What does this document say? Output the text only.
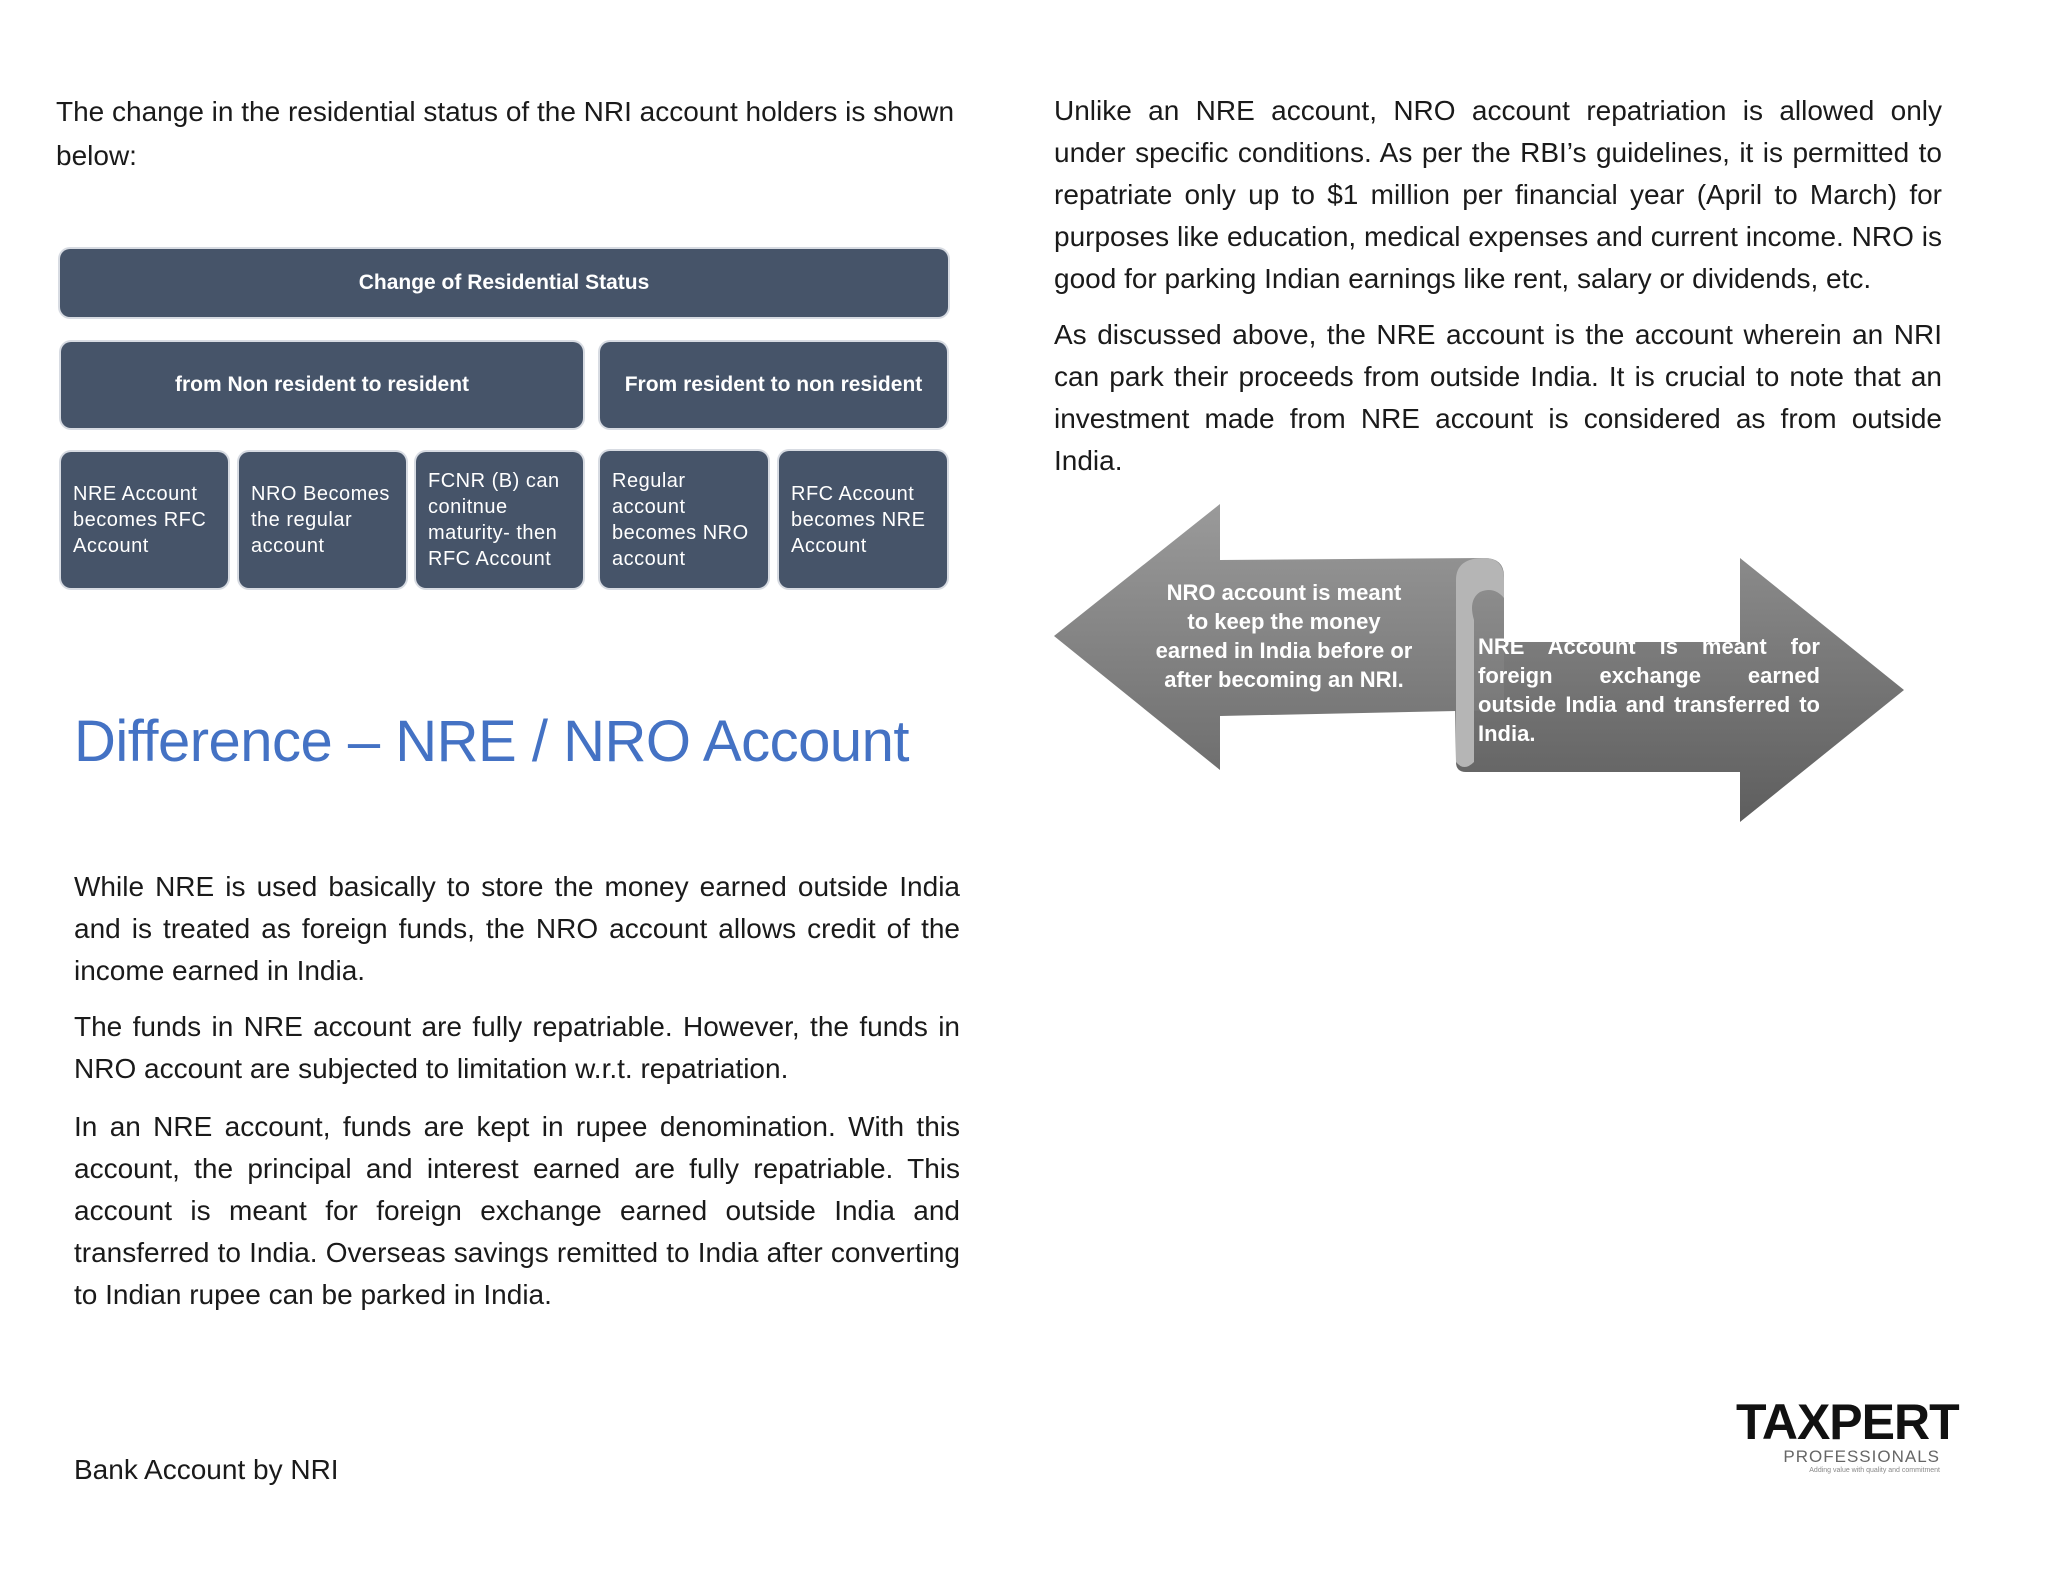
The change in the residential status of the NRI account holders is shown below:

Change of Residential Status
from Non resident to resident	From resident to non resident
NRE Account becomes RFC Account
NRO Becomes the regular account
FCNR (B) can conitnue maturity- then RFC Account
Regular account becomes NRO account
RFC Account becomes NRE Account
Difference – NRE / NRO Account

While NRE is used basically to store the money earned outside India and is treated as foreign funds, the NRO account allows credit of the income earned in India.

The funds in NRE account are fully repatriable. However, the funds in NRO account are subjected to limitation w.r.t. repatriation.

In an NRE account, funds are kept in rupee denomination. With this account, the principal and interest earned are fully repatriable. This account is meant for foreign exchange earned outside India and transferred to India. Overseas savings remitted to India after converting to Indian rupee can be parked in India.

Unlike an NRE account, NRO account repatriation is allowed only under specific conditions. As per the RBI’s guidelines, it is permitted to repatriate only up to $1 million per financial year (April to March) for purposes like education, medical expenses and current income. NRO is good for parking Indian earnings like rent, salary or dividends, etc.

As discussed above, the NRE account is the account wherein an NRI can park their proceeds from outside India. It is crucial to note that an investment made from NRE account is considered as from outside India.

NRO account is meant to keep the money earned in India before or after becoming an NRI.
NRE Account is meant for foreign exchange earned outside India and transferred to India.
Bank Account by NRI
TAXPERT
PROFESSIONALS
Adding value with quality and commitment
